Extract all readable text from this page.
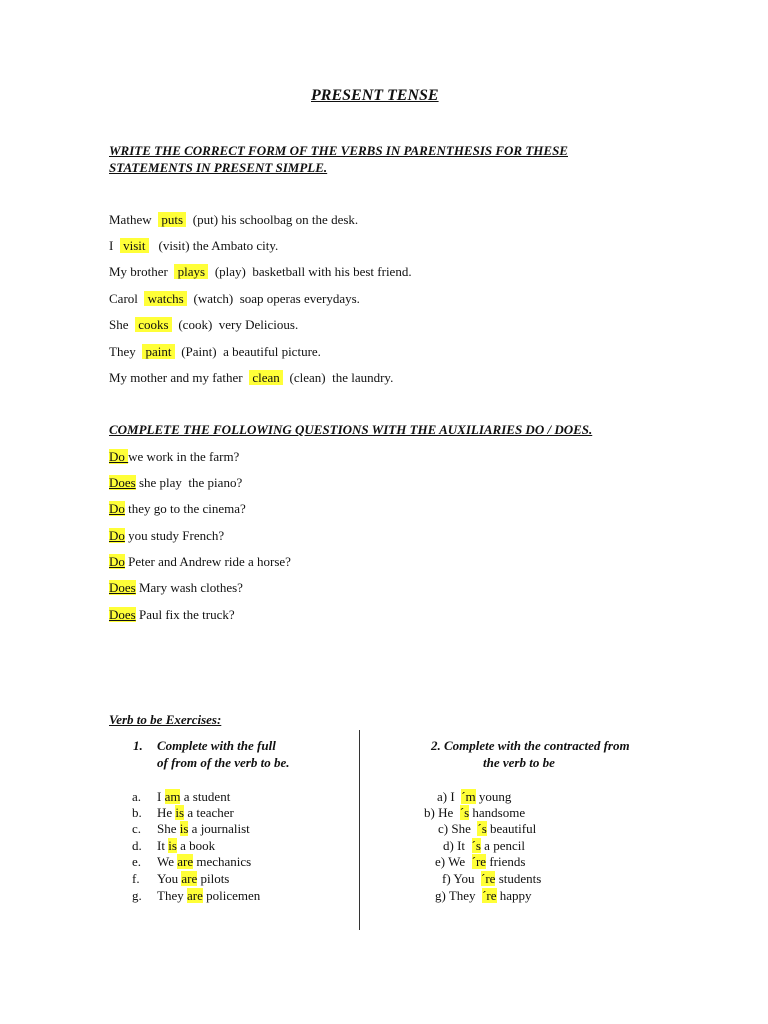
PRESENT TENSE
WRITE THE CORRECT FORM OF THE VERBS IN PARENTHESIS FOR THESE
STATEMENTS IN PRESENT SIMPLE.
Mathew   puts   (put) his schoolbag on the desk.
I   visit    (visit) the Ambato city.
My brother   plays   (play)  basketball with his best friend.
Carol   watchs   (watch)  soap operas everydays.
She   cooks   (cook)  very Delicious.
They   paint   (Paint)  a beautiful picture.
My mother and my father   clean   (clean)  the laundry.
COMPLETE THE FOLLOWING QUESTIONS WITH THE AUXILIARIES DO / DOES.
Do we work in the farm?
Does she play  the piano?
Do they go to the cinema?
Do you study French?
Do Peter and Andrew ride a horse?
Does Mary wash clothes?
Does Paul fix the truck?
Verb to be Exercises:
1. Complete with the full
of from of the verb to be.
2. Complete with the contracted from
the verb to be
a. I am a student
b. He is a teacher
c. She is a journalist
d. It is a book
e. We are mechanics
f. You are pilots
g. They are policemen
a) I  ´m young
b) He  ´s handsome
c) She  ´s beautiful
d) It  ´s a pencil
e) We  ´re friends
f) You  ´re students
g) They  ´re happy
